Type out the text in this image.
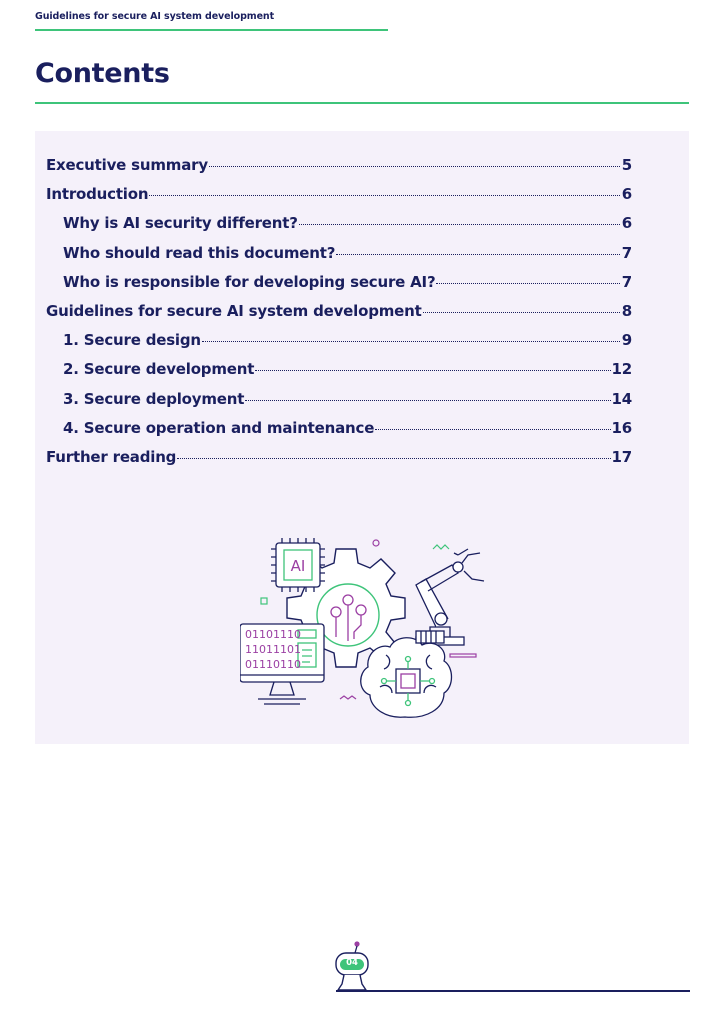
Guidelines for secure AI system development
Contents
Executive summary	5
Introduction	6
Why is AI security different?	6
Who should read this document?	7
Who is responsible for developing secure AI?	7
Guidelines for secure AI system development	8
1. Secure design	9
2. Secure development	12
3. Secure deployment	14
4. Secure operation and maintenance	16
Further reading	17
AI
01101110
11011101
01110110
04
